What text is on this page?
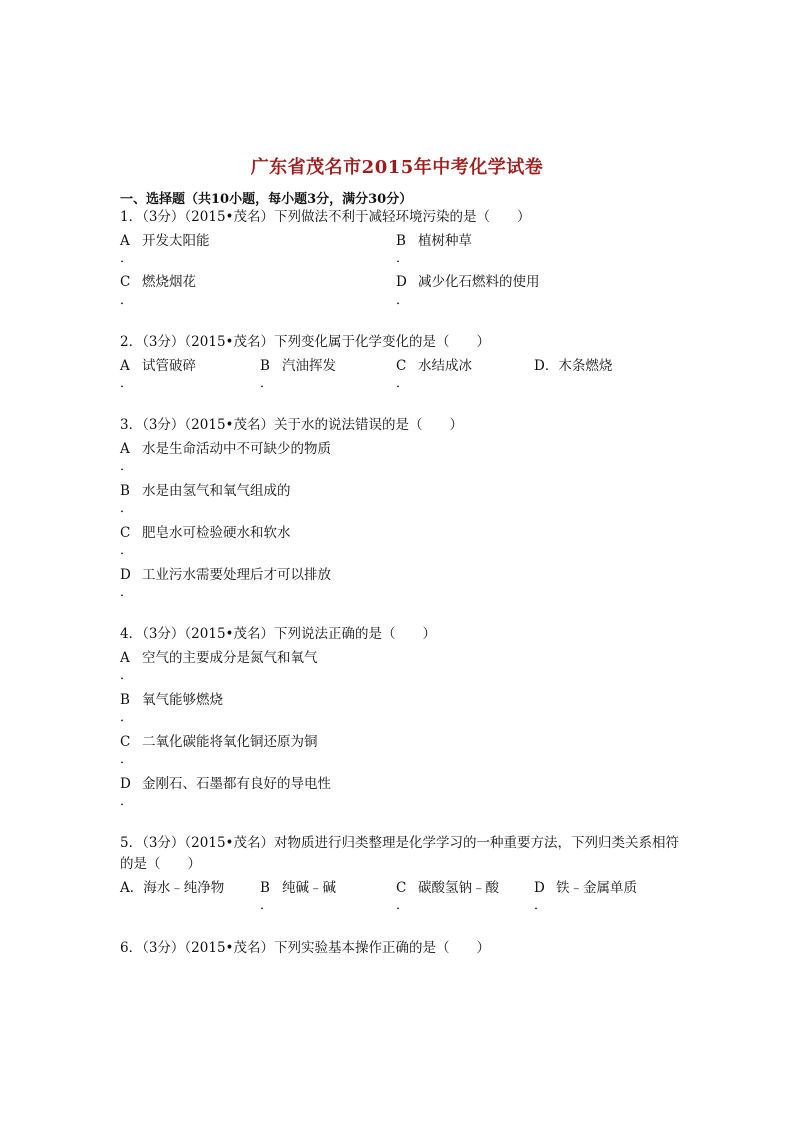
广东省茂名市2015年中考化学试卷
一、选择题（共10小题，每小题3分，满分30分）
1．（3分）（2015•茂名）下列做法不利于减轻环境污染的是（　　）
A 开发太阳能
．
B 植树种草
．
C 燃烧烟花
．
D 减少化石燃料的使用
．
2．（3分）（2015•茂名）下列变化属于化学变化的是（　　）
A 试管破碎
．
B 汽油挥发
．
C 水结成冰
．
D．木条燃烧
3．（3分）（2015•茂名）关于水的说法错误的是（　　）
A 水是生命活动中不可缺少的物质
．
B 水是由氢气和氧气组成的
．
C 肥皂水可检验硬水和软水
．
D 工业污水需要处理后才可以排放
．
4．（3分）（2015•茂名）下列说法正确的是（　　）
A 空气的主要成分是氮气和氧气
．
B 氧气能够燃烧
．
C 二氧化碳能将氧化铜还原为铜
．
D 金刚石、石墨都有良好的导电性
．
5．（3分）（2015•茂名）对物质进行归类整理是化学学习的一种重要方法，下列归类关系相符的是（　　）
A．海水﹣纯净物	B 纯碱﹣碱
．
C 碳酸氢钠﹣酸
．
D 铁﹣金属单质
．
6．（3分）（2015•茂名）下列实验基本操作正确的是（　　）
